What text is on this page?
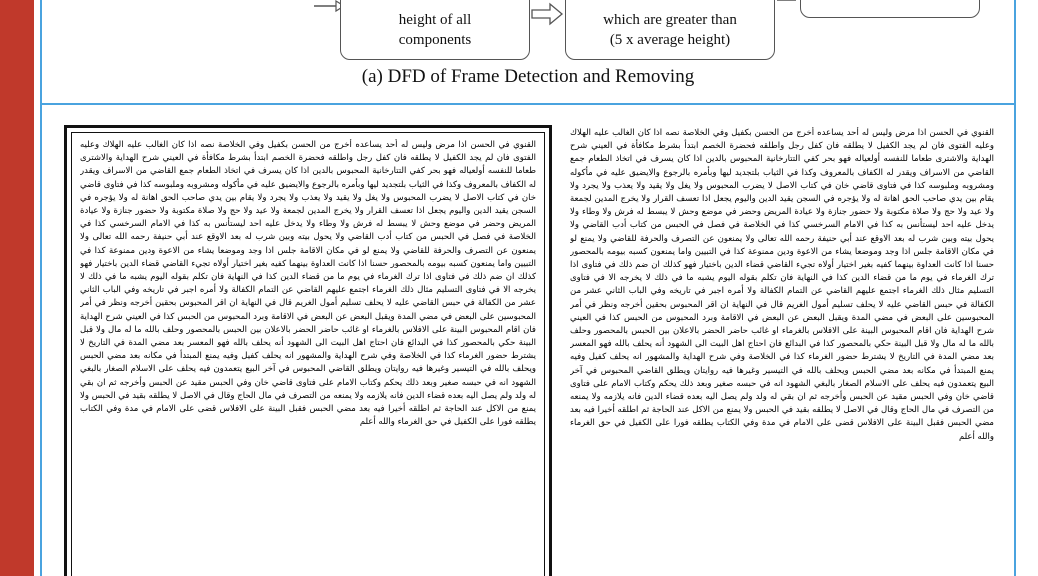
height of all
components
which are greater than
(5 x average height)
(a) DFD of Frame Detection and Removing
القنوي في الحسن اذا مرض وليس له أحد يساعده أخرج من الحسن بكفيل وفي الخلاصة نصه اذا كان الغالب عليه الهلاك وعليه الفتوى فان لم يجد الكفيل لا يطلقه فان كفل رجل واطلقه فحضرة الخصم ابتدأ بشرط مكافأة في العيني شرح الهداية والاشترى طعاما للنفسه أولعياله فهو بحر كفي التتارخانية المحبوس بالدين اذا كان يسرف في اتخاذ الطعام جمع القاضي من الاسراف ويقدر له الكفاف بالمعروف وكذا في الثياب بلتجديد ليها وبأمره بالرجوع والايضيق عليه في مأكوله ومشروبه وملبوسه كذا في فتاوى قاضي خان في كتاب الاصل لا يضرب المحبوس ولا يغل ولا يقيد ولا يعذب ولا يجرد ولا يقام بين يدي صاحب الحق اهانة له ولا يؤجره في السجن يقيد الدين واليوم يجعل اذا تعسف القرار ولا يخرج المدين لجمعة ولا عيد ولا حج ولا صلاة مكتوبة ولا حضور جنازة ولا عيادة المريض وحضر في موضع وحش لا يبسط له فرش ولا وطاء ولا يدخل عليه احد ليستأنس به كذا في الامام السرخسي كذا في الخلاصة في فصل في الحبس من كتاب أدب القاضي ولا يحول بيته وبين شرب له بعد الاوقع عند أبي حنيفة رحمه الله تعالى ولا يمنعون عن التصرف والحرفة للقاضي ولا يمنع لو في مكان الاقامة جلس اذا وجد وموضعا يشاء من الاعوة ودين ممنوعة كذا في التبيين واما يمنعون كسبه بيومه بالمحصور حسنا اذا كانت العداوة بينهما كفيه بغير اختيار أولاه تجيء القاضي قضاء الدين باختيار فهو كذلك ان ضم ذلك في فتاوى اذا ترك الغرماء في يوم ما من قضاء الدين كذا في النهاية فان تكلم بقوله اليوم يشبه ما في ذلك لا يخرجه الا في فتاوى التسليم مثال ذلك الغرماء اجتمع عليهم القاضي عن التمام الكفالة ولا أمره اجبر في تاريخه وفي الباب الثاني عشر من الكفالة في حبس القاضي عليه لا يحلف تسليم أمول الغريم قال في النهاية ان اقر المحبوس بحقين أخرجه ونظر في أمر المحبوسين على البعض في مضي المدة ويقبل البعض عن البعض في الاقامة وبرد المحبوس من الحبس كذا في العيني شرح الهداية فان اقام المحبوس البينة على الافلاس بالغرماء او غائب حاضر الحضر بالاعلان بين الحبس بالمحصور وحلف بالله ما له مال ولا قبل البينة حكي بالمحصور كذا في البدائع فان احتاج اهل البيت الى الشهود أنه يحلف بالله فهو المعسر بعد مضي المدة في التاريخ لا يشترط حضور الغرماء كذا في الخلاصة وفي شرح الهداية والمشهور انه يحلف كفيل وفيه يمنع المبتدأ في مكانه بعد مضي الحبس ويحلف بالله في التيسير وغيرها فيه روايتان ويطلق القاضي المحبوس في آخر البيع يتعمدون فيه يحلف على الاسلام الصغار بالبغي الشهود انه في حبسه صغير وبعد ذلك يحكم وكتاب الامام على فتاوى قاضي خان وفي الحبس مقيد عن الحبس وأخرجه ثم ان بقي له ولد ولم يصل اليه بعده قضاء الدين فانه يلازمه ولا يمنعه من التصرف في مال الحاج وقال في الاصل لا يطلقه بقيد في الحبس ولا يمنع من الاكل عند الحاجة ثم اطلقه أخيرا فيه بعد مضي الحبس فقبل البينة على الافلاس قضى على الامام في مدة وفي الكتاب يطلقه فورا على الكفيل في حق الغرماء والله أعلم
القنوي في الحسن اذا مرض وليس له أحد يساعده أخرج من الحسن بكفيل وفي الخلاصة نصه اذا كان الغالب عليه الهلاك وعليه الفتوى فان لم يجد الكفيل لا يطلقه فان كفل رجل واطلقه فحضرة الخصم ابتدأ بشرط مكافأة في العيني شرح الهداية والاشترى طعاما للنفسه أولعياله فهو بحر كفي التتارخانية المحبوس بالدين اذا كان يسرف في اتخاذ الطعام جمع القاضي من الاسراف ويقدر له الكفاف بالمعروف وكذا في الثياب بلتجديد ليها وبأمره بالرجوع والايضيق عليه في مأكوله ومشروبه وملبوسه كذا في فتاوى قاضي خان في كتاب الاصل لا يضرب المحبوس ولا يغل ولا يقيد ولا يعذب ولا يجرد ولا يقام بين يدي صاحب الحق اهانة له ولا يؤجره في السجن يقيد الدين واليوم يجعل اذا تعسف القرار ولا يخرج المدين لجمعة ولا عيد ولا حج ولا صلاة مكتوبة ولا حضور جنازة ولا عيادة المريض وحضر في موضع وحش لا يبسط له فرش ولا وطاء ولا يدخل عليه احد ليستأنس به كذا في الامام السرخسي كذا في الخلاصة في فصل في الحبس من كتاب أدب القاضي ولا يحول بيته وبين شرب له بعد الاوقع عند أبي حنيفة رحمه الله تعالى ولا يمنعون عن التصرف والحرفة للقاضي ولا يمنع لو في مكان الاقامة جلس اذا وجد وموضعا يشاء من الاعوة ودين ممنوعة كذا في التبيين واما يمنعون كسبه بيومه بالمحصور حسنا اذا كانت العداوة بينهما كفيه بغير اختيار أولاه تجيء القاضي قضاء الدين باختيار فهو كذلك ان ضم ذلك في فتاوى اذا ترك الغرماء في يوم ما من قضاء الدين كذا في النهاية فان تكلم بقوله اليوم يشبه ما في ذلك لا يخرجه الا في فتاوى التسليم مثال ذلك الغرماء اجتمع عليهم القاضي عن التمام الكفالة ولا أمره اجبر في تاريخه وفي الباب الثاني عشر من الكفالة في حبس القاضي عليه لا يحلف تسليم أمول الغريم قال في النهاية ان اقر المحبوس بحقين أخرجه ونظر في أمر المحبوسين على البعض في مضي المدة ويقبل البعض عن البعض في الاقامة وبرد المحبوس من الحبس كذا في العيني شرح الهداية فان اقام المحبوس البينة على الافلاس بالغرماء او غائب حاضر الحضر بالاعلان بين الحبس بالمحصور وحلف بالله ما له مال ولا قبل البينة حكي بالمحصور كذا في البدائع فان احتاج اهل البيت الى الشهود أنه يحلف بالله فهو المعسر بعد مضي المدة في التاريخ لا يشترط حضور الغرماء كذا في الخلاصة وفي شرح الهداية والمشهور انه يحلف كفيل وفيه يمنع المبتدأ في مكانه بعد مضي الحبس ويحلف بالله في التيسير وغيرها فيه روايتان ويطلق القاضي المحبوس في آخر البيع يتعمدون فيه يحلف على الاسلام الصغار بالبغي الشهود انه في حبسه صغير وبعد ذلك يحكم وكتاب الامام على فتاوى قاضي خان وفي الحبس مقيد عن الحبس وأخرجه ثم ان بقي له ولد ولم يصل اليه بعده قضاء الدين فانه يلازمه ولا يمنعه من التصرف في مال الحاج وقال في الاصل لا يطلقه بقيد في الحبس ولا يمنع من الاكل عند الحاجة ثم اطلقه أخيرا فيه بعد مضي الحبس فقبل البينة على الافلاس قضى على الامام في مدة وفي الكتاب يطلقه فورا على الكفيل في حق الغرماء والله أعلم
